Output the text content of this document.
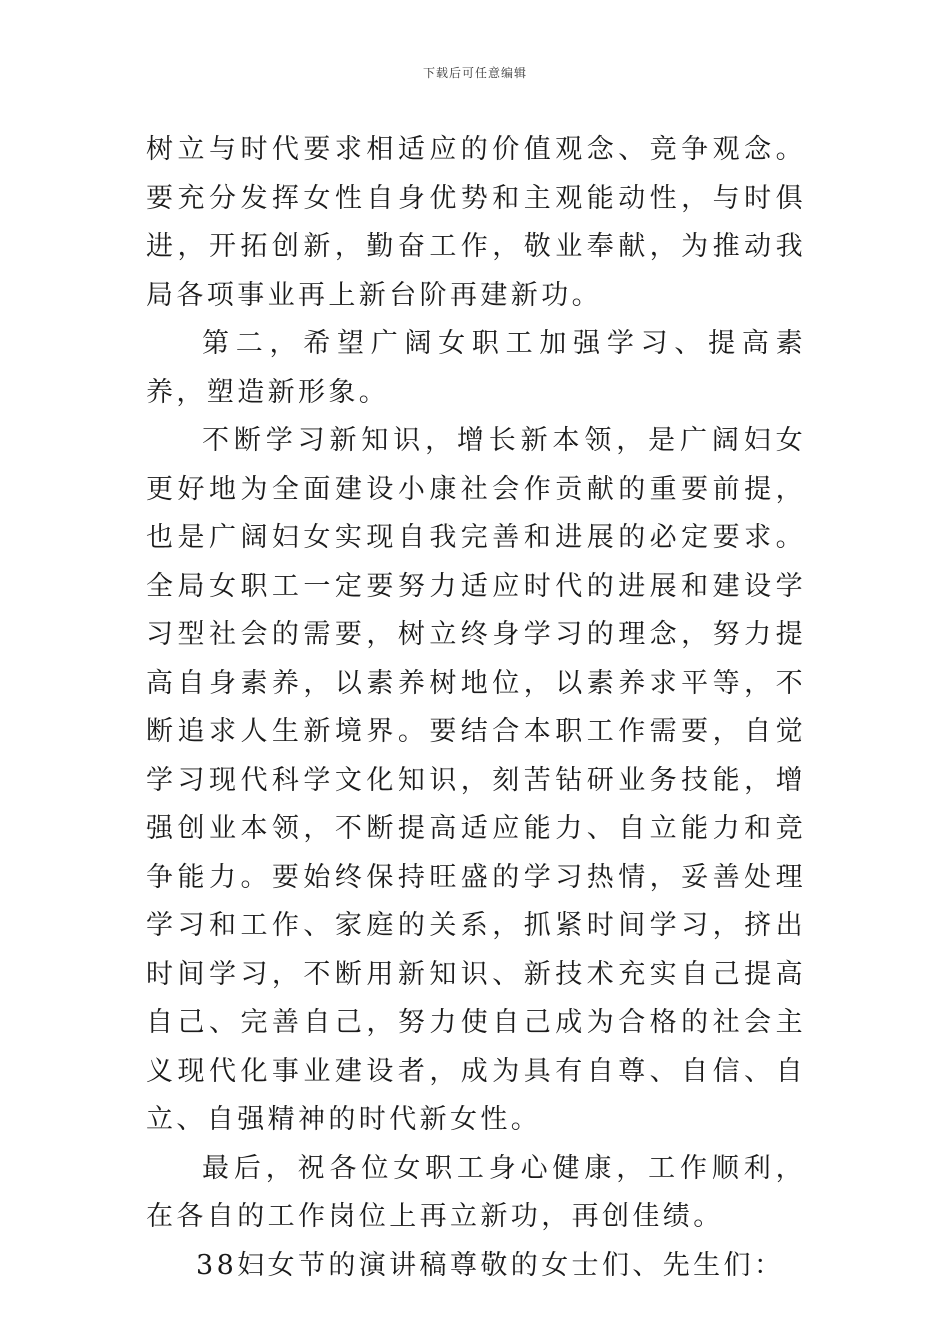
下载后可任意编辑

树立与时代要求相适应的价值观念、竞争观念。要充分发挥女性自身优势和主观能动性，与时俱进，开拓创新，勤奋工作，敬业奉献，为推动我局各项事业再上新台阶再建新功。

第二，希望广阔女职工加强学习、提高素养，塑造新形象。

不断学习新知识，增长新本领，是广阔妇女更好地为全面建设小康社会作贡献的重要前提，也是广阔妇女实现自我完善和进展的必定要求。全局女职工一定要努力适应时代的进展和建设学习型社会的需要，树立终身学习的理念，努力提高自身素养，以素养树地位，以素养求平等，不断追求人生新境界。要结合本职工作需要，自觉学习现代科学文化知识，刻苦钻研业务技能，增强创业本领，不断提高适应能力、自立能力和竞争能力。要始终保持旺盛的学习热情，妥善处理学习和工作、家庭的关系，抓紧时间学习，挤出时间学习，不断用新知识、新技术充实自己提高自己、完善自己，努力使自己成为合格的社会主义现代化事业建设者，成为具有自尊、自信、自立、自强精神的时代新女性。

最后，祝各位女职工身心健康，工作顺利，在各自的工作岗位上再立新功，再创佳绩。

38妇女节的演讲稿尊敬的女士们、先生们：
